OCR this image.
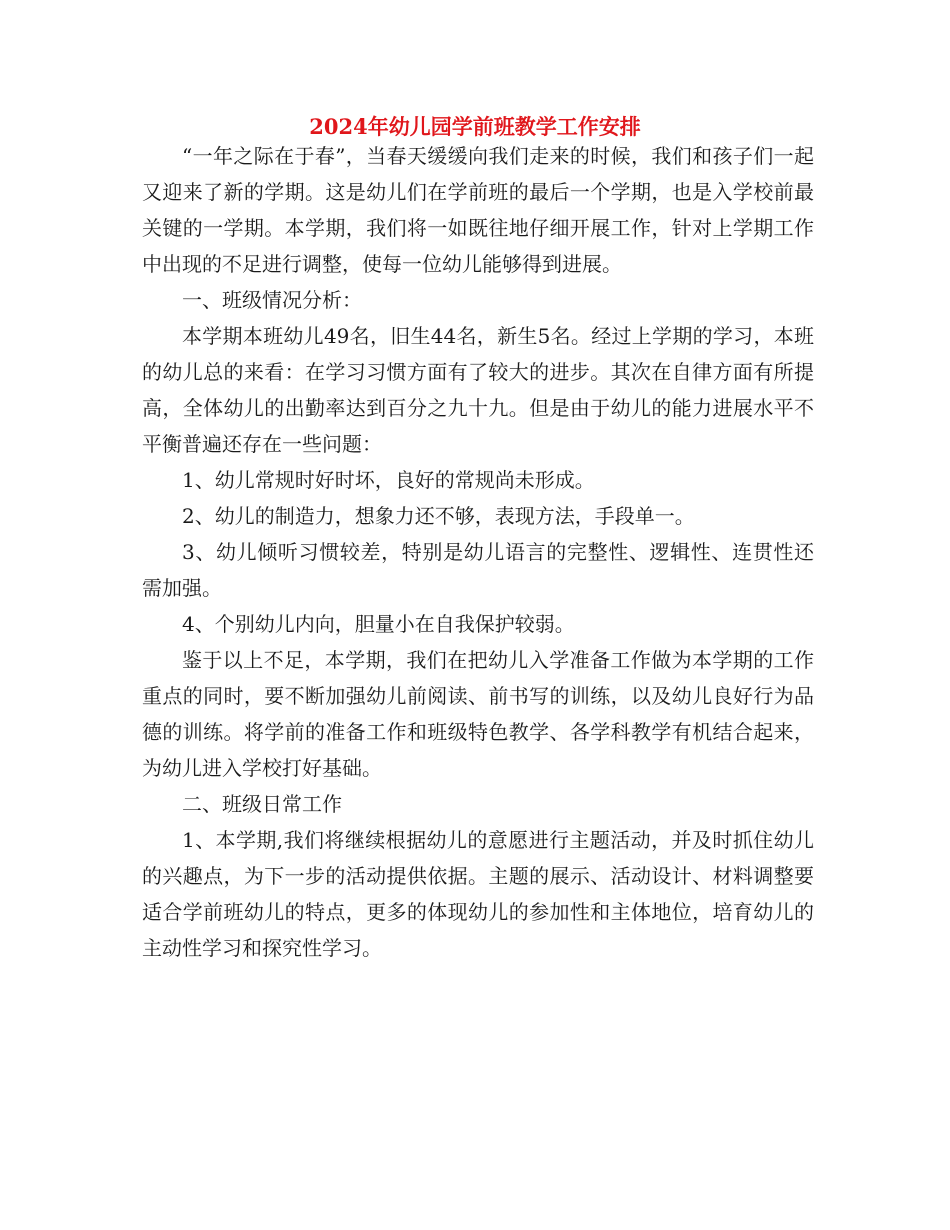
2024年幼儿园学前班教学工作安排

“一年之际在于春”，当春天缓缓向我们走来的时候，我们和孩子们一起又迎来了新的学期。这是幼儿们在学前班的最后一个学期，也是入学校前最关键的一学期。本学期，我们将一如既往地仔细开展工作，针对上学期工作中出现的不足进行调整，使每一位幼儿能够得到进展。

一、班级情况分析：

本学期本班幼儿49名，旧生44名，新生5名。经过上学期的学习，本班的幼儿总的来看：在学习习惯方面有了较大的进步。其次在自律方面有所提高，全体幼儿的出勤率达到百分之九十九。但是由于幼儿的能力进展水平不平衡普遍还存在一些问题：

1、幼儿常规时好时坏，良好的常规尚未形成。

2、幼儿的制造力，想象力还不够，表现方法，手段单一。

3、幼儿倾听习惯较差，特别是幼儿语言的完整性、逻辑性、连贯性还需加强。

4、个别幼儿内向，胆量小在自我保护较弱。

鉴于以上不足，本学期，我们在把幼儿入学准备工作做为本学期的工作重点的同时，要不断加强幼儿前阅读、前书写的训练，以及幼儿良好行为品德的训练。将学前的准备工作和班级特色教学、各学科教学有机结合起来，为幼儿进入学校打好基础。

二、班级日常工作

1、本学期,我们将继续根据幼儿的意愿进行主题活动，并及时抓住幼儿的兴趣点，为下一步的活动提供依据。主题的展示、活动设计、材料调整要适合学前班幼儿的特点，更多的体现幼儿的参加性和主体地位，培育幼儿的主动性学习和探究性学习。
